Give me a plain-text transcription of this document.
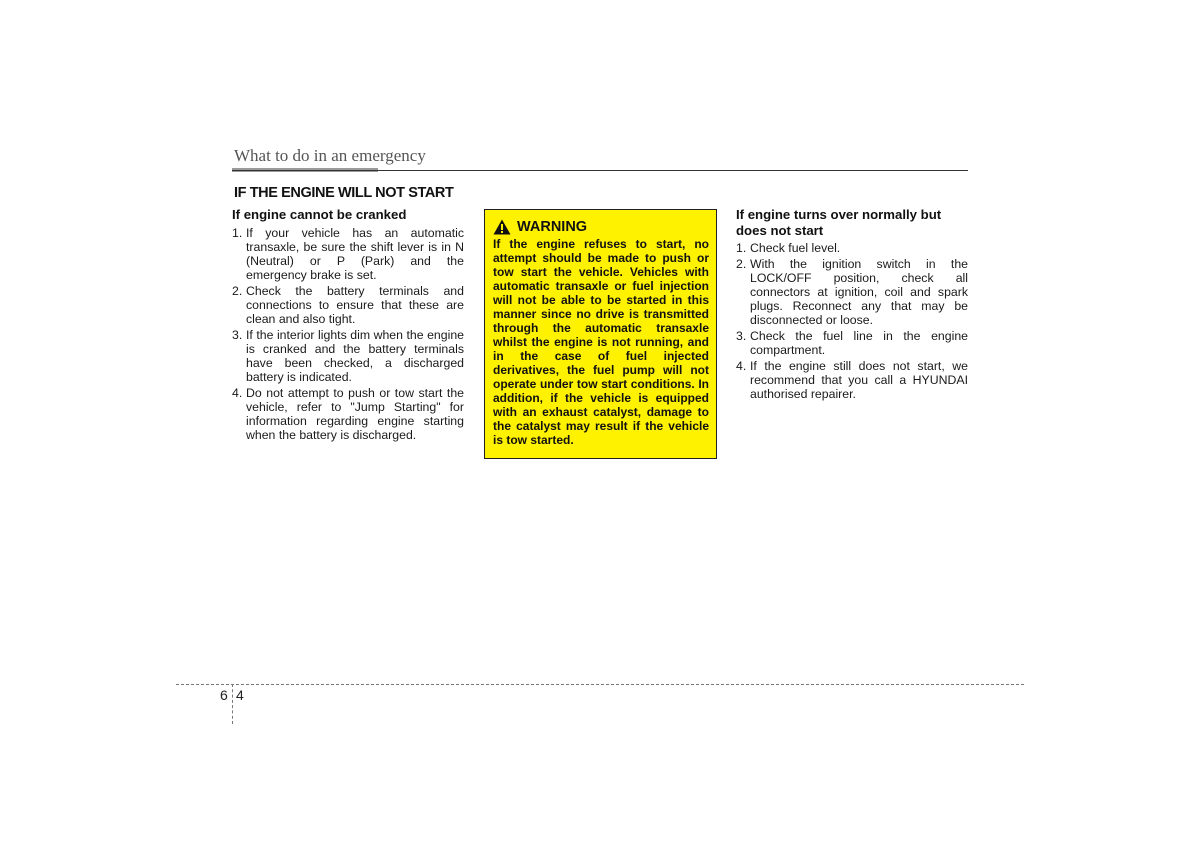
What to do in an emergency
IF THE ENGINE WILL NOT START
If engine cannot be cranked
1. If your vehicle has an automatic transaxle, be sure the shift lever is in N (Neutral) or P (Park) and the emergency brake is set.
2. Check the battery terminals and connections to ensure that these are clean and also tight.
3. If the interior lights dim when the engine is cranked and the battery terminals have been checked, a discharged battery is indicated.
4. Do not attempt to push or tow start the vehicle, refer to "Jump Starting" for information regarding engine starting when the battery is discharged.
WARNING

If the engine refuses to start, no attempt should be made to push or tow start the vehicle. Vehicles with automatic transaxle or fuel injection will not be able to be started in this manner since no drive is transmitted through the automatic transaxle whilst the engine is not running, and in the case of fuel injected derivatives, the fuel pump will not operate under tow start conditions. In addition, if the vehicle is equipped with an exhaust catalyst, damage to the catalyst may result if the vehicle is tow started.

If engine turns over normally but does not start
1. Check fuel level.
2. With the ignition switch in the LOCK/OFF position, check all connectors at ignition, coil and spark plugs. Reconnect any that may be disconnected or loose.
3. Check the fuel line in the engine compartment.
4. If the engine still does not start, we recommend that you call a HYUNDAI authorised repairer.
6 4
